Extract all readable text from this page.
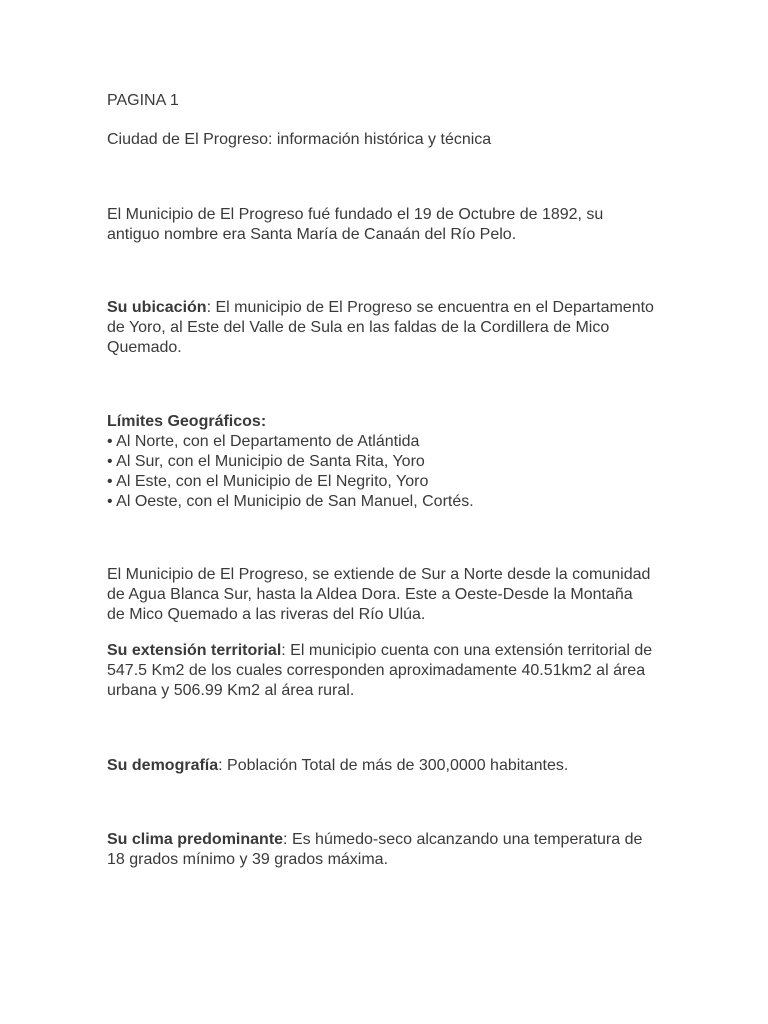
PAGINA 1

Ciudad de El Progreso: información histórica y técnica

El Municipio de El Progreso fué fundado el 19 de Octubre de 1892, su
antiguo nombre era Santa María de Canaán del Río Pelo.

Su ubicación: El municipio de El Progreso se encuentra en el Departamento
de Yoro, al Este del Valle de Sula en las faldas de la Cordillera de Mico
Quemado.

Límites Geográficos:
• Al Norte, con el Departamento de Atlántida
• Al Sur, con el Municipio de Santa Rita, Yoro
• Al Este, con el Municipio de El Negrito, Yoro
• Al Oeste, con el Municipio de San Manuel, Cortés.

El Municipio de El Progreso, se extiende de Sur a Norte desde la comunidad
de Agua Blanca Sur, hasta la Aldea Dora. Este a Oeste-Desde la Montaña
de Mico Quemado a las riveras del Río Ulúa.

Su extensión territorial: El municipio cuenta con una extensión territorial de
547.5 Km2 de los cuales corresponden aproximadamente 40.51km2 al área
urbana y 506.99 Km2 al área rural.

Su demografía: Población Total de más de 300,0000 habitantes.

Su clima predominante: Es húmedo-seco alcanzando una temperatura de
18 grados mínimo y 39 grados máxima.
